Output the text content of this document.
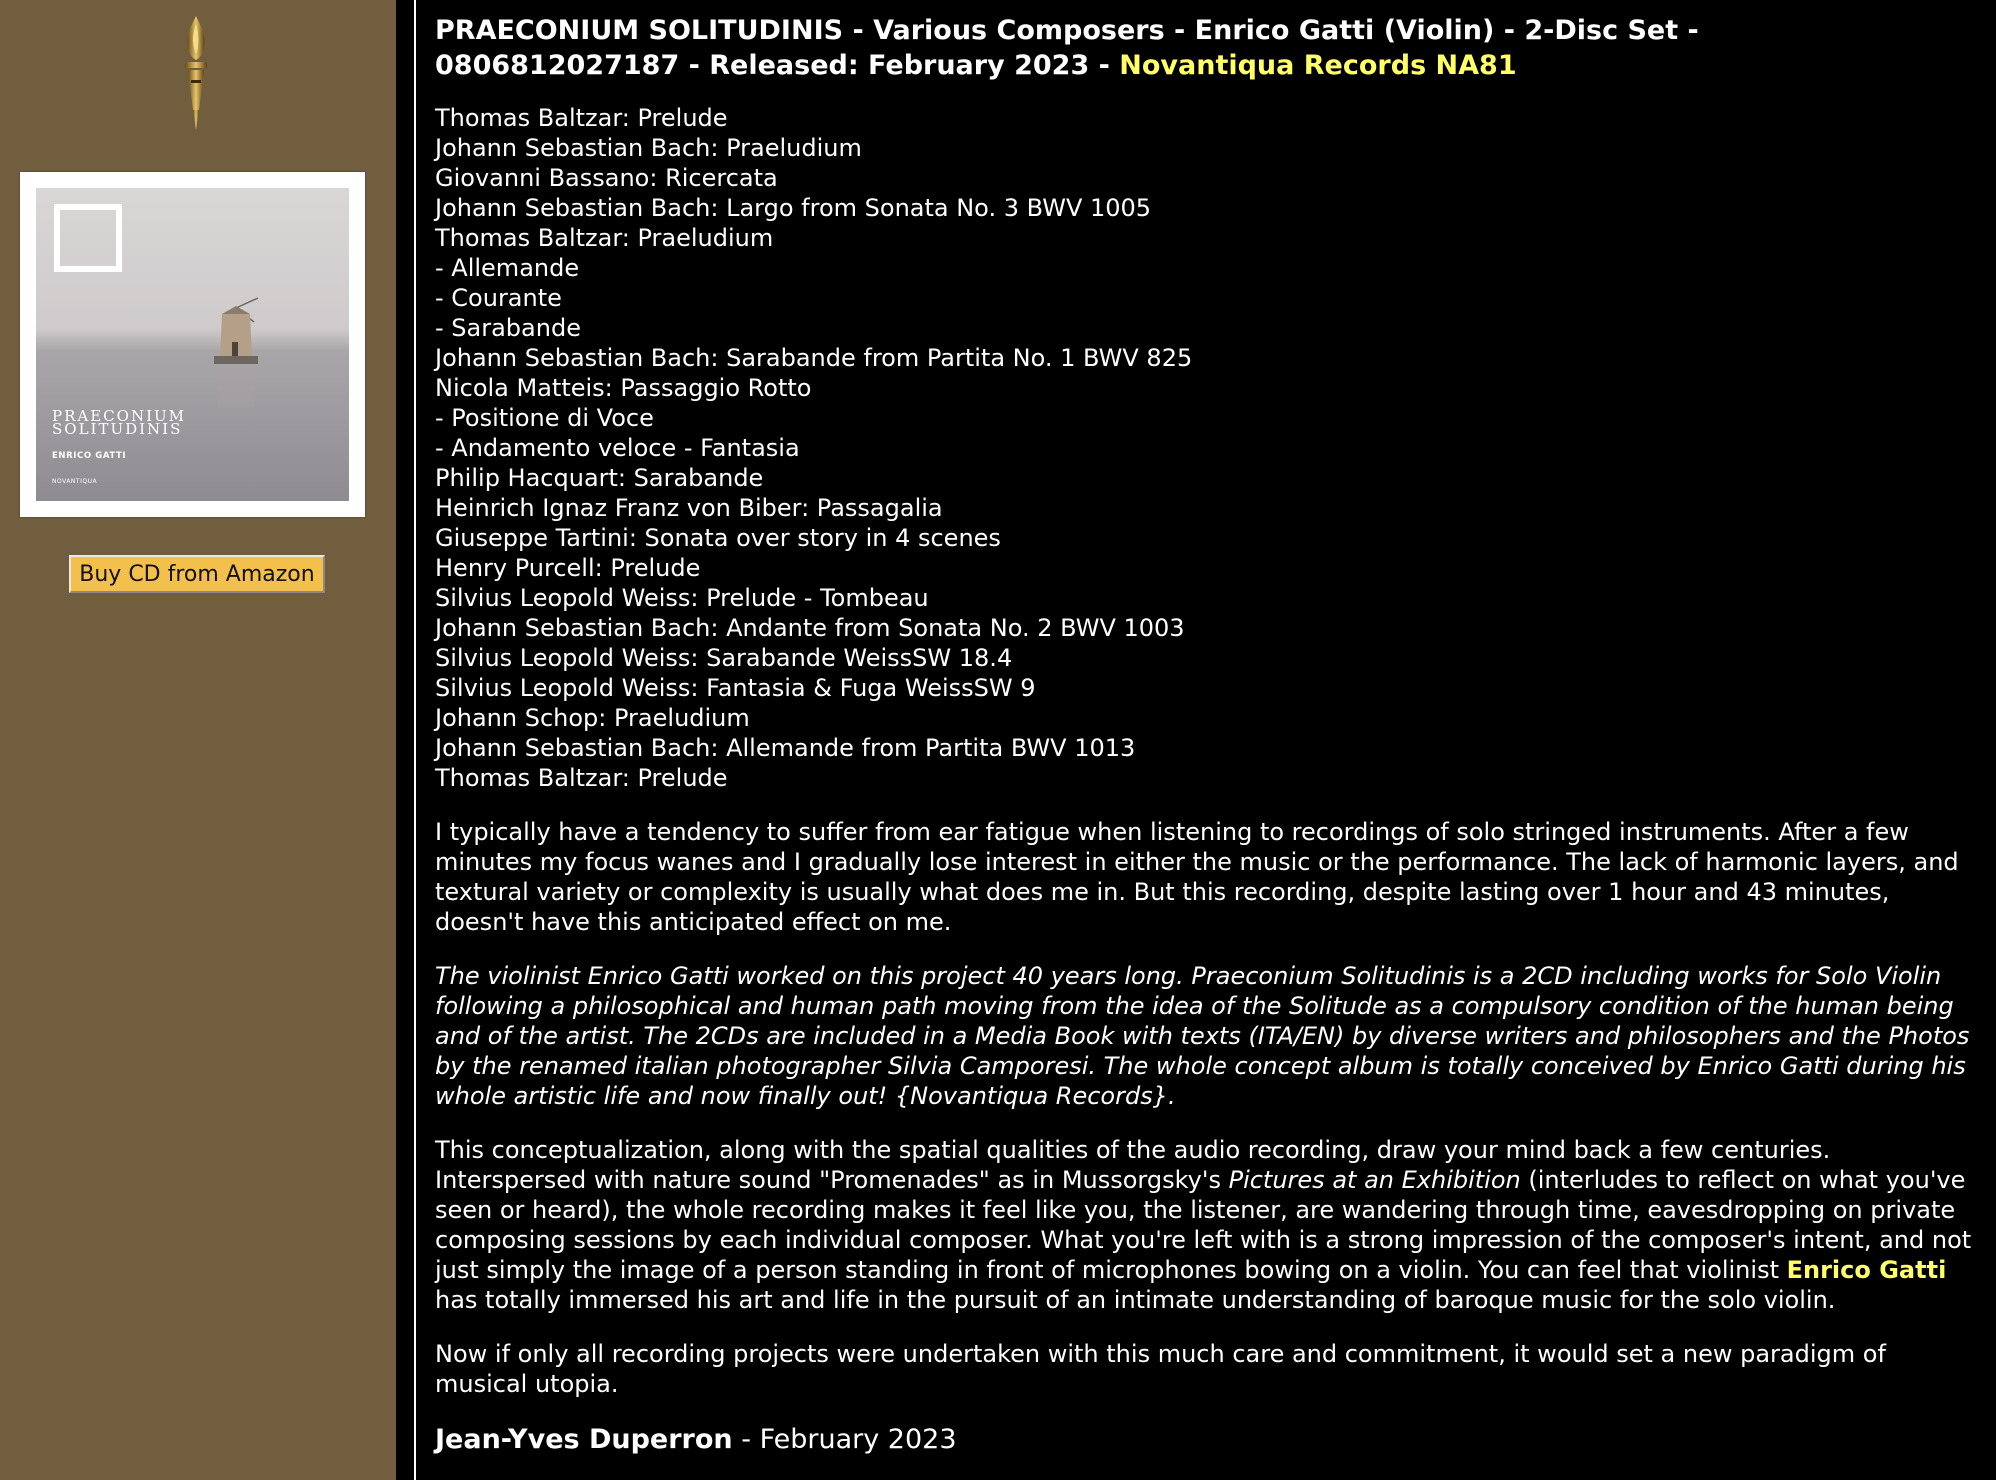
PRAECONIUM
SOLITUDINIS
ENRICO GATTI
NOVANTIQUA
Buy CD from Amazon
PRAECONIUM SOLITUDINIS - Various Composers - Enrico Gatti (Violin) - 2-Disc Set -
0806812027187 - Released: February 2023 - Novantiqua Records NA81
Thomas Baltzar: Prelude
Johann Sebastian Bach: Praeludium
Giovanni Bassano: Ricercata
Johann Sebastian Bach: Largo from Sonata No. 3 BWV 1005
Thomas Baltzar: Praeludium
- Allemande
- Courante
- Sarabande
Johann Sebastian Bach: Sarabande from Partita No. 1 BWV 825
Nicola Matteis: Passaggio Rotto
- Positione di Voce
- Andamento veloce - Fantasia
Philip Hacquart: Sarabande
Heinrich Ignaz Franz von Biber: Passagalia
Giuseppe Tartini: Sonata over story in 4 scenes
Henry Purcell: Prelude
Silvius Leopold Weiss: Prelude - Tombeau
Johann Sebastian Bach: Andante from Sonata No. 2 BWV 1003
Silvius Leopold Weiss: Sarabande WeissSW 18.4
Silvius Leopold Weiss: Fantasia & Fuga WeissSW 9
Johann Schop: Praeludium
Johann Sebastian Bach: Allemande from Partita BWV 1013
Thomas Baltzar: Prelude

I typically have a tendency to suffer from ear fatigue when listening to recordings of solo stringed instruments. After a few minutes my focus wanes and I gradually lose interest in either the music or the performance. The lack of harmonic layers, and textural variety or complexity is usually what does me in. But this recording, despite lasting over 1 hour and 43 minutes, doesn't have this anticipated effect on me.

The violinist Enrico Gatti worked on this project 40 years long. Praeconium Solitudinis is a 2CD including works for Solo Violin following a philosophical and human path moving from the idea of the Solitude as a compulsory condition of the human being and of the artist. The 2CDs are included in a Media Book with texts (ITA/EN) by diverse writers and philosophers and the Photos by the renamed italian photographer Silvia Camporesi. The whole concept album is totally conceived by Enrico Gatti during his whole artistic life and now finally out! {Novantiqua Records}.

This conceptualization, along with the spatial qualities of the audio recording, draw your mind back a few centuries. Interspersed with nature sound "Promenades" as in Mussorgsky's Pictures at an Exhibition (interludes to reflect on what you've seen or heard), the whole recording makes it feel like you, the listener, are wandering through time, eavesdropping on private composing sessions by each individual composer. What you're left with is a strong impression of the composer's intent, and not just simply the image of a person standing in front of microphones bowing on a violin. You can feel that violinist Enrico Gatti has totally immersed his art and life in the pursuit of an intimate understanding of baroque music for the solo violin.

Now if only all recording projects were undertaken with this much care and commitment, it would set a new paradigm of musical utopia.

Jean-Yves Duperron - February 2023
